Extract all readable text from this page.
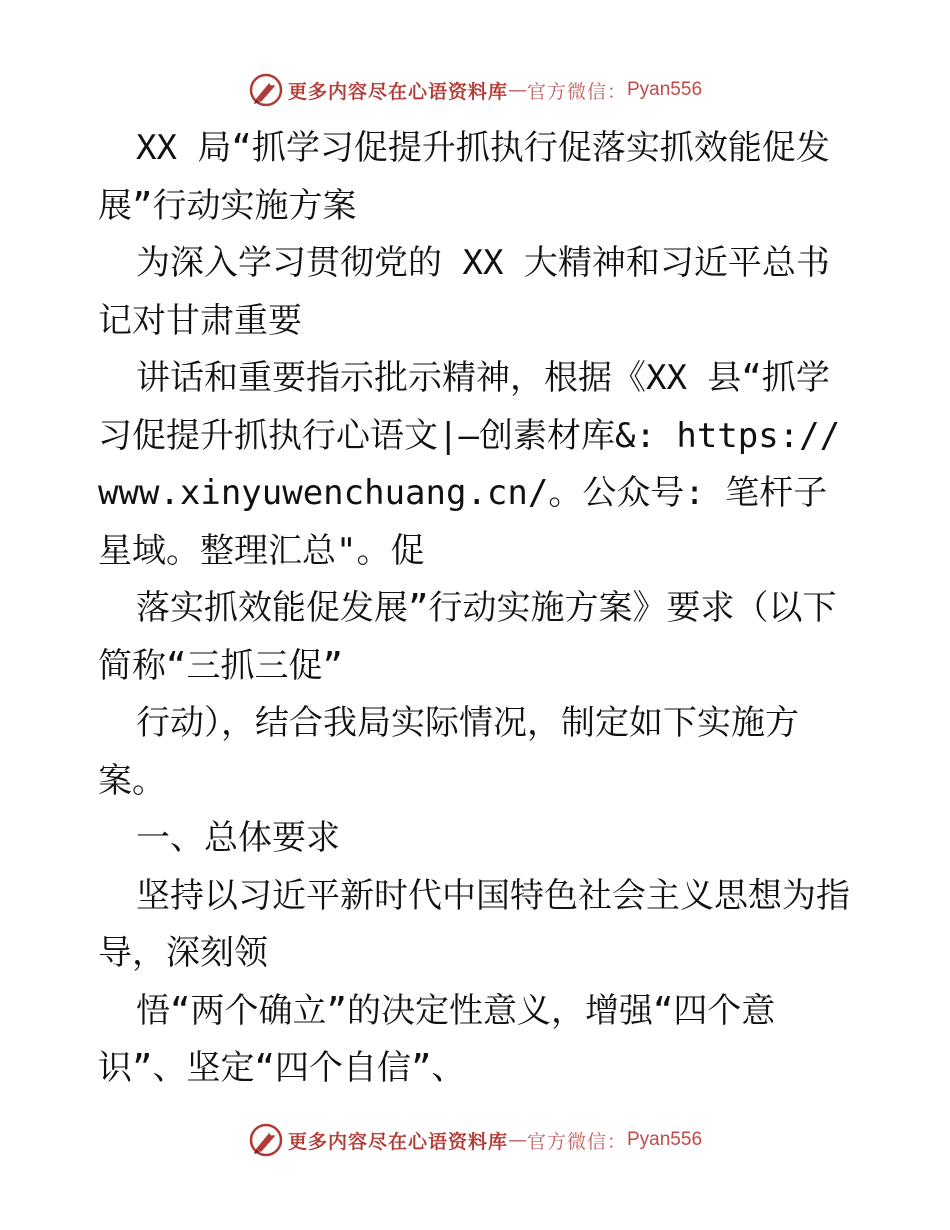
更多内容尽在心语资料库 — 官方微信： Pyan556

XX 局“抓学习促提升抓执行促落实抓效能促发展”行动实施方案

为深入学习贯彻党的 XX 大精神和习近平总书记对甘肃重要

讲话和重要指示批示精神，根据《XX 县“抓学习促提升抓执行心语文|—创素材库&: https://www.xinyuwenchuang.cn/。公众号: 笔杆子星域。整理汇总"。促

落实抓效能促发展”行动实施方案》要求（以下简称“三抓三促”

行动），结合我局实际情况，制定如下实施方案。

一、总体要求

坚持以习近平新时代中国特色社会主义思想为指导，深刻领

悟“两个确立”的决定性意义，增强“四个意识”、坚定“四个自信”、

更多内容尽在心语资料库 — 官方微信： Pyan556
